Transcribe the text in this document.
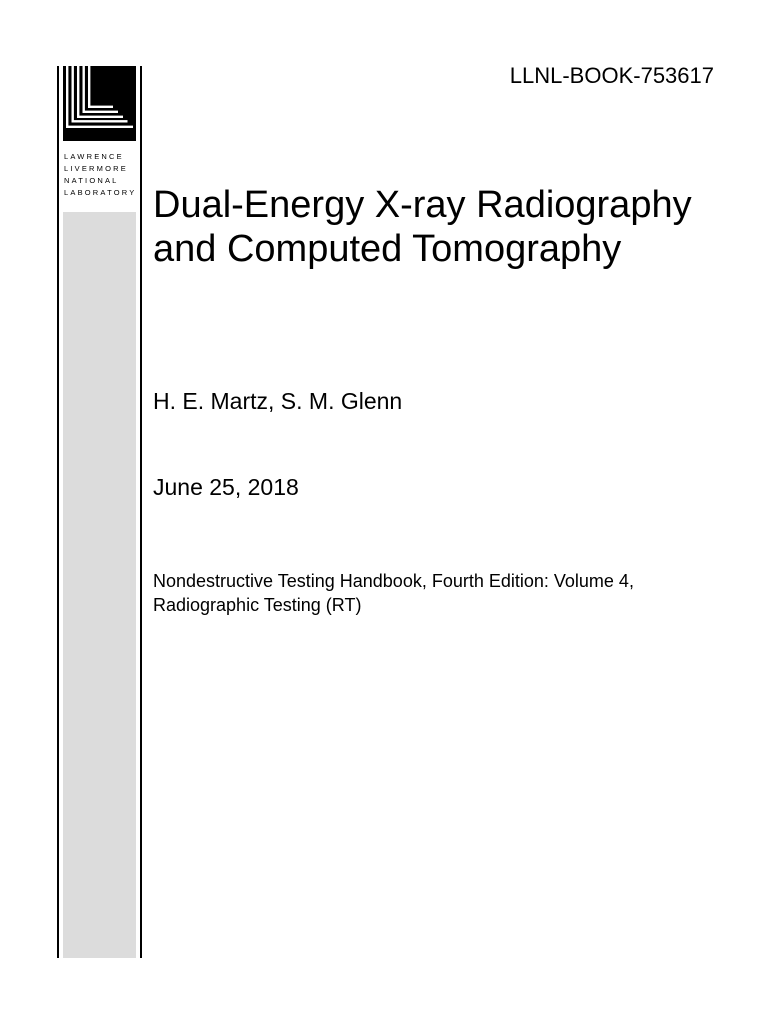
LAWRENCE
LIVERMORE
NATIONAL
LABORATORY
LLNL-BOOK-753617
Dual-Energy X-ray Radiography
and Computed Tomography
H. E. Martz, S. M. Glenn
June 25, 2018
Nondestructive Testing Handbook, Fourth Edition: Volume 4,
Radiographic Testing (RT)
